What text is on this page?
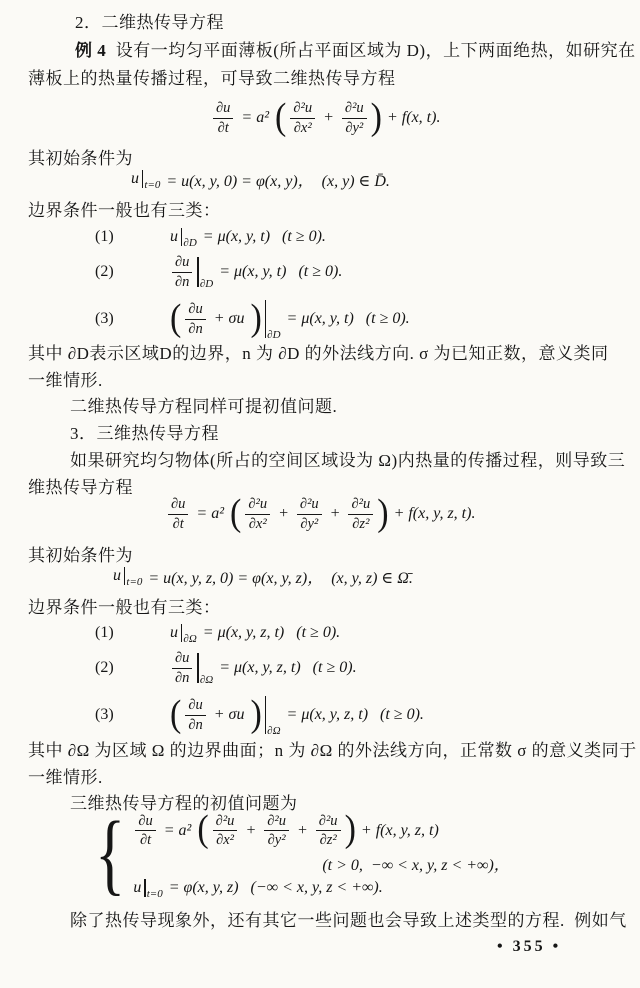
2．二维热传导方程
例 4  设有一均匀平面薄板(所占平面区域为 D)，上下两面绝热，如研究在
薄板上的热量传播过程，可导致二维热传导方程
$\frac{\partial u}{\partial t} = a^2$ ( $\frac{\text{∂²u}}{\text{∂x²}} + \frac{\text{∂²u}}{\text{∂y²}}$ ) + f(x, t).
其初始条件为
u t=0 = u(x, y, 0) = φ(x, y)，  (x, y) ∈ D̄.
边界条件一般也有三类：
(1)	u ∂D = μ(x, y, t)   (t ≥ 0).
(2)	$\frac{\partial u}{\partial n} \partial D$
= μ(x, y, t)   (t ≥ 0).
(3)	( $\frac{\partial u}{\partial n} + \sigma u$ ) ∂D
= μ(x, y, t)   (t ≥ 0).
其中 ∂D表示区域D的边界，n 为 ∂D 的外法线方向. σ 为已知正数，意义类同
一维情形.
二维热传导方程同样可提初值问题.
3．三维热传导方程
如果研究均匀物体(所占的空间区域设为 Ω)内热量的传播过程，则导致三
维热传导方程
$\frac{\partial u}{\partial t} = a^2$ ( $\frac{\text{∂²u}}{\text{∂x²}} + \frac{\text{∂²u}}{\text{∂y²}} + \frac{\text{∂²u}}{\text{∂z²}}$ ) + f(x, y, z, t).
其初始条件为
u t=0 = u(x, y, z, 0) = φ(x, y, z)，  (x, y, z) ∈ Ω̄.
边界条件一般也有三类：
(1)	u ∂Ω = μ(x, y, z, t)   (t ≥ 0).
(2)	$\frac{\partial u}{\partial n} \partial\Omega$
= μ(x, y, z, t)   (t ≥ 0).
(3)	( $\frac{\partial u}{\partial n} + \sigma u$ ) ∂Ω
= μ(x, y, z, t)   (t ≥ 0).
其中 ∂Ω 为区域 Ω 的边界曲面；n 为 ∂Ω 的外法线方向，正常数 σ 的意义类同于
一维情形.
三维热传导方程的初值问题为
{ $\frac{\partial u}{\partial t} = a^2$ ( $\frac{\text{∂²u}}{\text{∂x²}} + \frac{\text{∂²u}}{\text{∂y²}} + \frac{\text{∂²u}}{\text{∂z²}}$ ) + f(x, y, z, t)
(t > 0,  −∞ < x, y, z < +∞)，
u t=0 = φ(x, y, z)   (−∞ < x, y, z < +∞).
除了热传导现象外，还有其它一些问题也会导致上述类型的方程.  例如气
• 355 •
